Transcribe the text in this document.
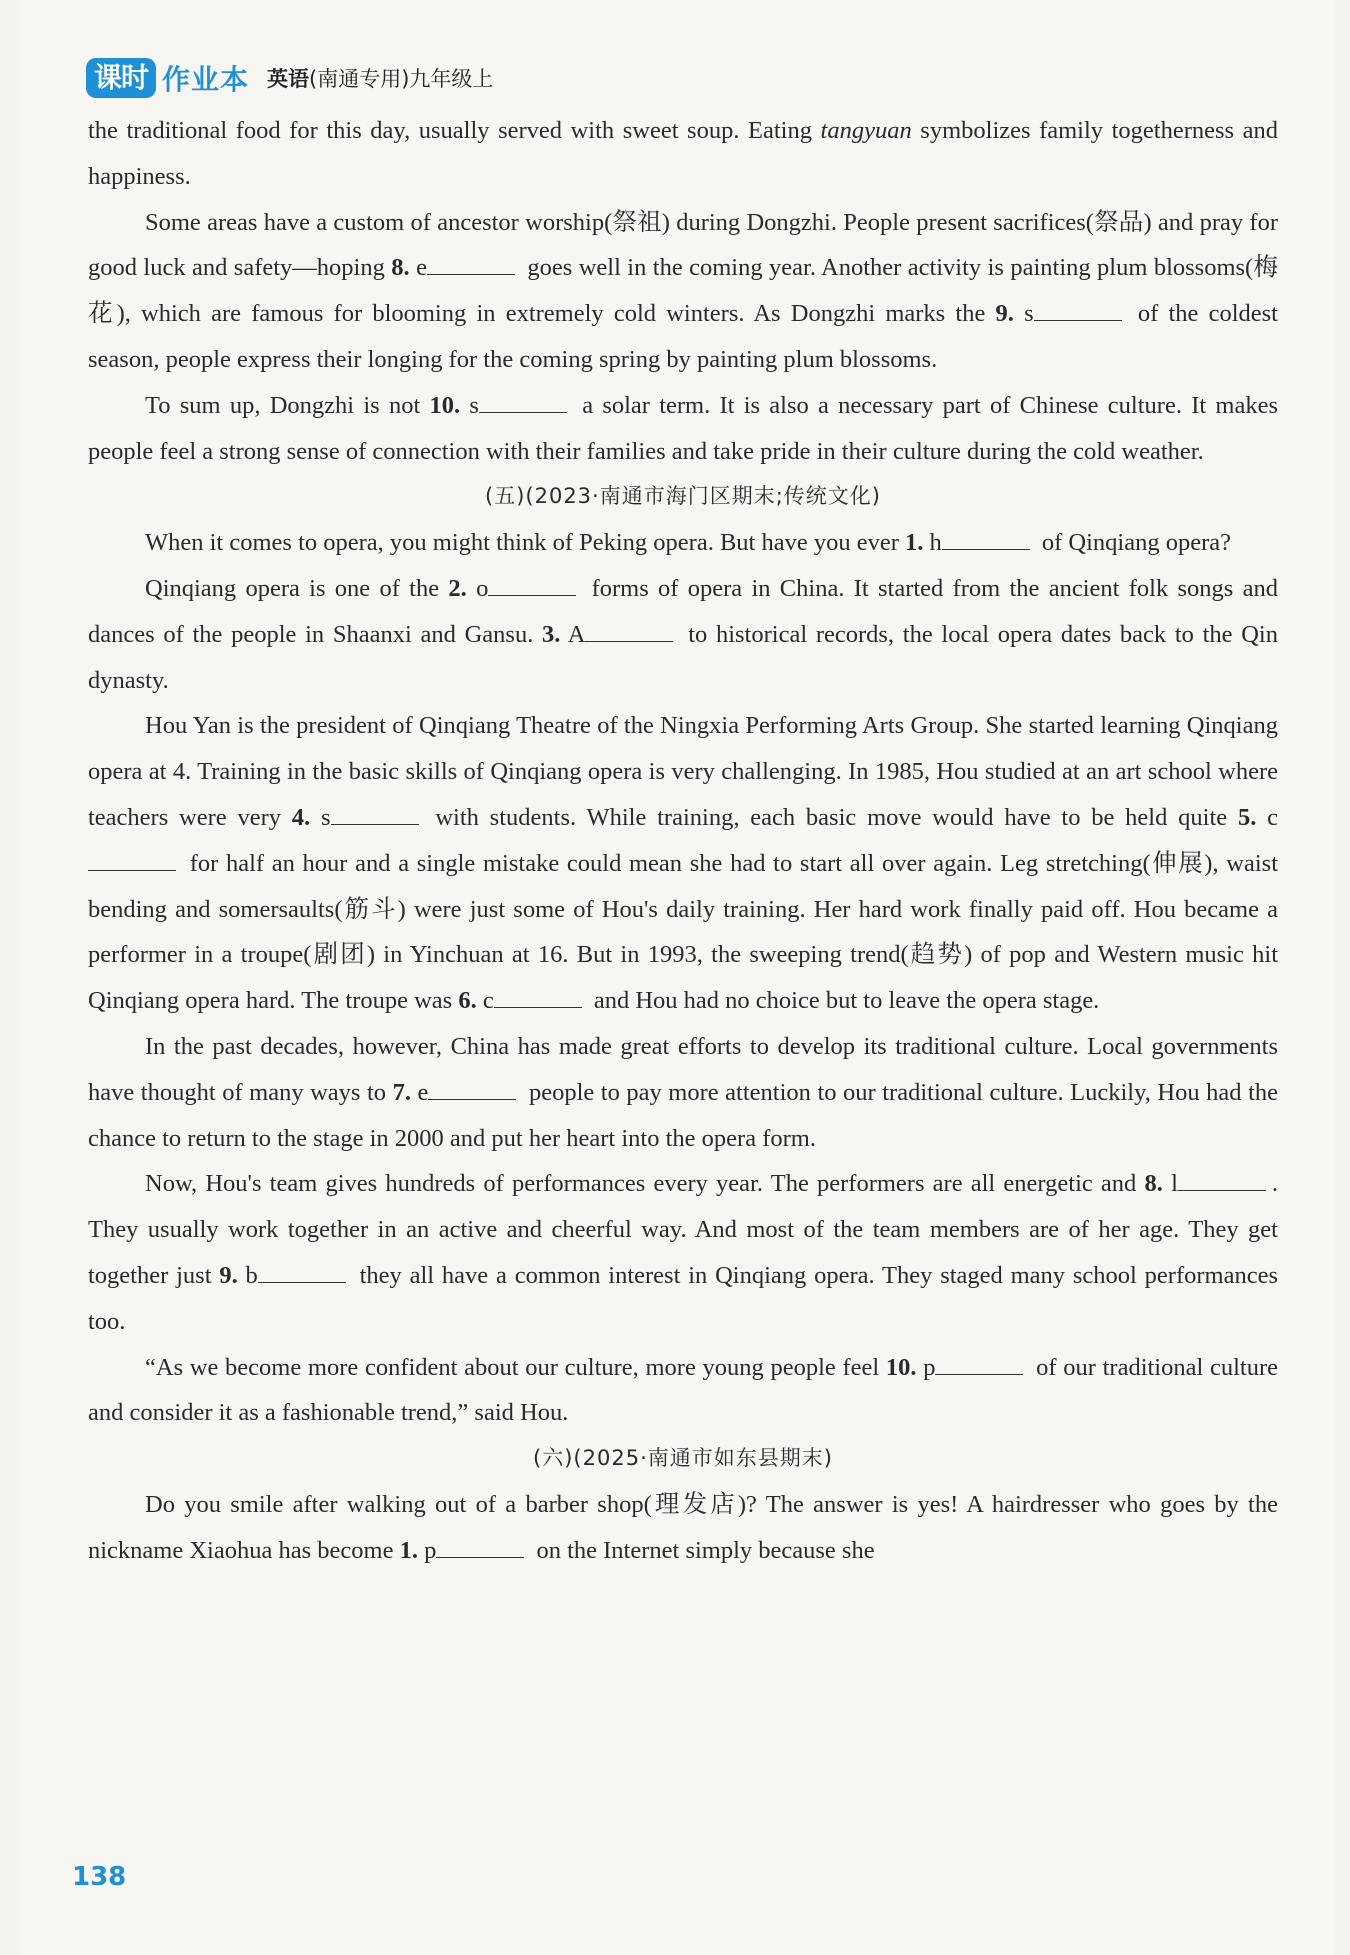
课时 作业本 英语(南通专用)九年级上

the traditional food for this day, usually served with sweet soup. Eating tangyuan symbolizes family togetherness and happiness.

Some areas have a custom of ancestor worship(祭祖) during Dongzhi. People present sacrifices(祭品) and pray for good luck and safety—hoping 8. e	goes well in the coming year. Another activity is painting plum blossoms(梅花), which are famous for blooming in extremely cold winters. As Dongzhi marks the 9. s	of the coldest season, people express their longing for the coming spring by painting plum blossoms.

To sum up, Dongzhi is not 10. s	a solar term. It is also a necessary part of Chinese culture. It makes people feel a strong sense of connection with their families and take pride in their culture during the cold weather.

(五)(2023·南通市海门区期末;传统文化)

When it comes to opera, you might think of Peking opera. But have you ever 1. h	of Qinqiang opera?

Qinqiang opera is one of the 2. o	forms of opera in China. It started from the ancient folk songs and dances of the people in Shaanxi and Gansu. 3. A	to historical records, the local opera dates back to the Qin dynasty.

Hou Yan is the president of Qinqiang Theatre of the Ningxia Performing Arts Group. She started learning Qinqiang opera at 4. Training in the basic skills of Qinqiang opera is very challenging. In 1985, Hou studied at an art school where teachers were very 4. s	with students. While training, each basic move would have to be held quite 5. c for half an hour and a single mistake could mean she had to start all over again. Leg stretching(伸展), waist bending and somersaults(筋斗) were just some of Hou's daily training. Her hard work finally paid off. Hou became a performer in a troupe(剧团) in Yinchuan at 16. But in 1993, the sweeping trend(趋势) of pop and Western music hit Qinqiang opera hard. The troupe was 6. c	and Hou had no choice but to leave the opera stage.

In the past decades, however, China has made great efforts to develop its traditional culture. Local governments have thought of many ways to 7. e	people to pay more attention to our traditional culture. Luckily, Hou had the chance to return to the stage in 2000 and put her heart into the opera form.

Now, Hou's team gives hundreds of performances every year. The performers are all energetic and 8. l	. They usually work together in an active and cheerful way. And most of the team members are of her age. They get together just 9. b	they all have a common interest in Qinqiang opera. They staged many school performances too.

“As we become more confident about our culture, more young people feel 10. p	of our traditional culture and consider it as a fashionable trend,” said Hou.

(六)(2025·南通市如东县期末)

Do you smile after walking out of a barber shop(理发店)? The answer is yes! A hairdresser who goes by the nickname Xiaohua has become 1. p	on the Internet simply because she

138
